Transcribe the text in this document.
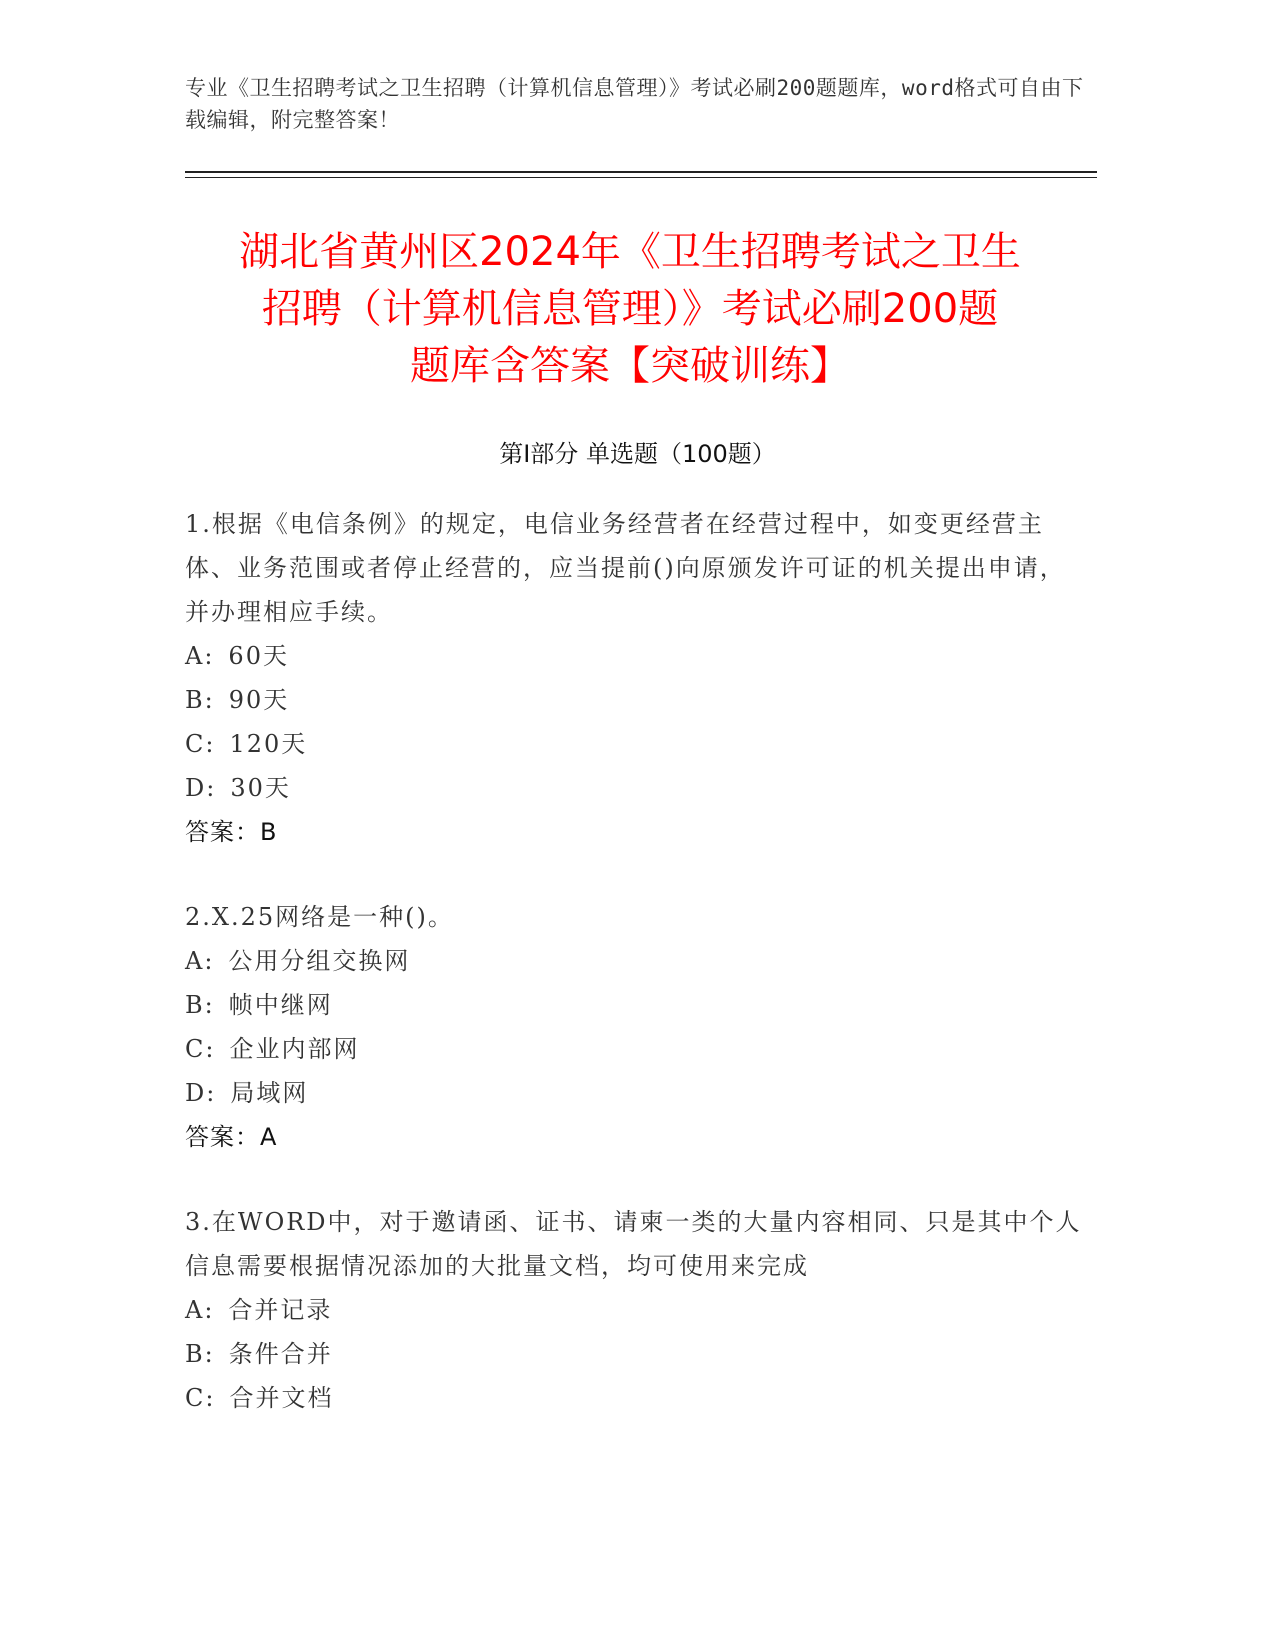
专业《卫生招聘考试之卫生招聘（计算机信息管理）》考试必刷200题题库，word格式可自由下载编辑，附完整答案！
湖北省黄州区2024年《卫生招聘考试之卫生
招聘（计算机信息管理）》考试必刷200题
题库含答案【突破训练】
第Ⅰ部分 单选题（100题）

1.根据《电信条例》的规定，电信业务经营者在经营过程中，如变更经营主体、业务范围或者停止经营的，应当提前()向原颁发许可证的机关提出申请，并办理相应手续。

A: 60天

B: 90天

C: 120天

D: 30天

答案：B

2.X.25网络是一种()。

A: 公用分组交换网

B: 帧中继网

C: 企业内部网

D: 局域网

答案：A

3.在WORD中，对于邀请函、证书、请柬一类的大量内容相同、只是其中个人信息需要根据情况添加的大批量文档，均可使用来完成

A: 合并记录

B: 条件合并

C: 合并文档
